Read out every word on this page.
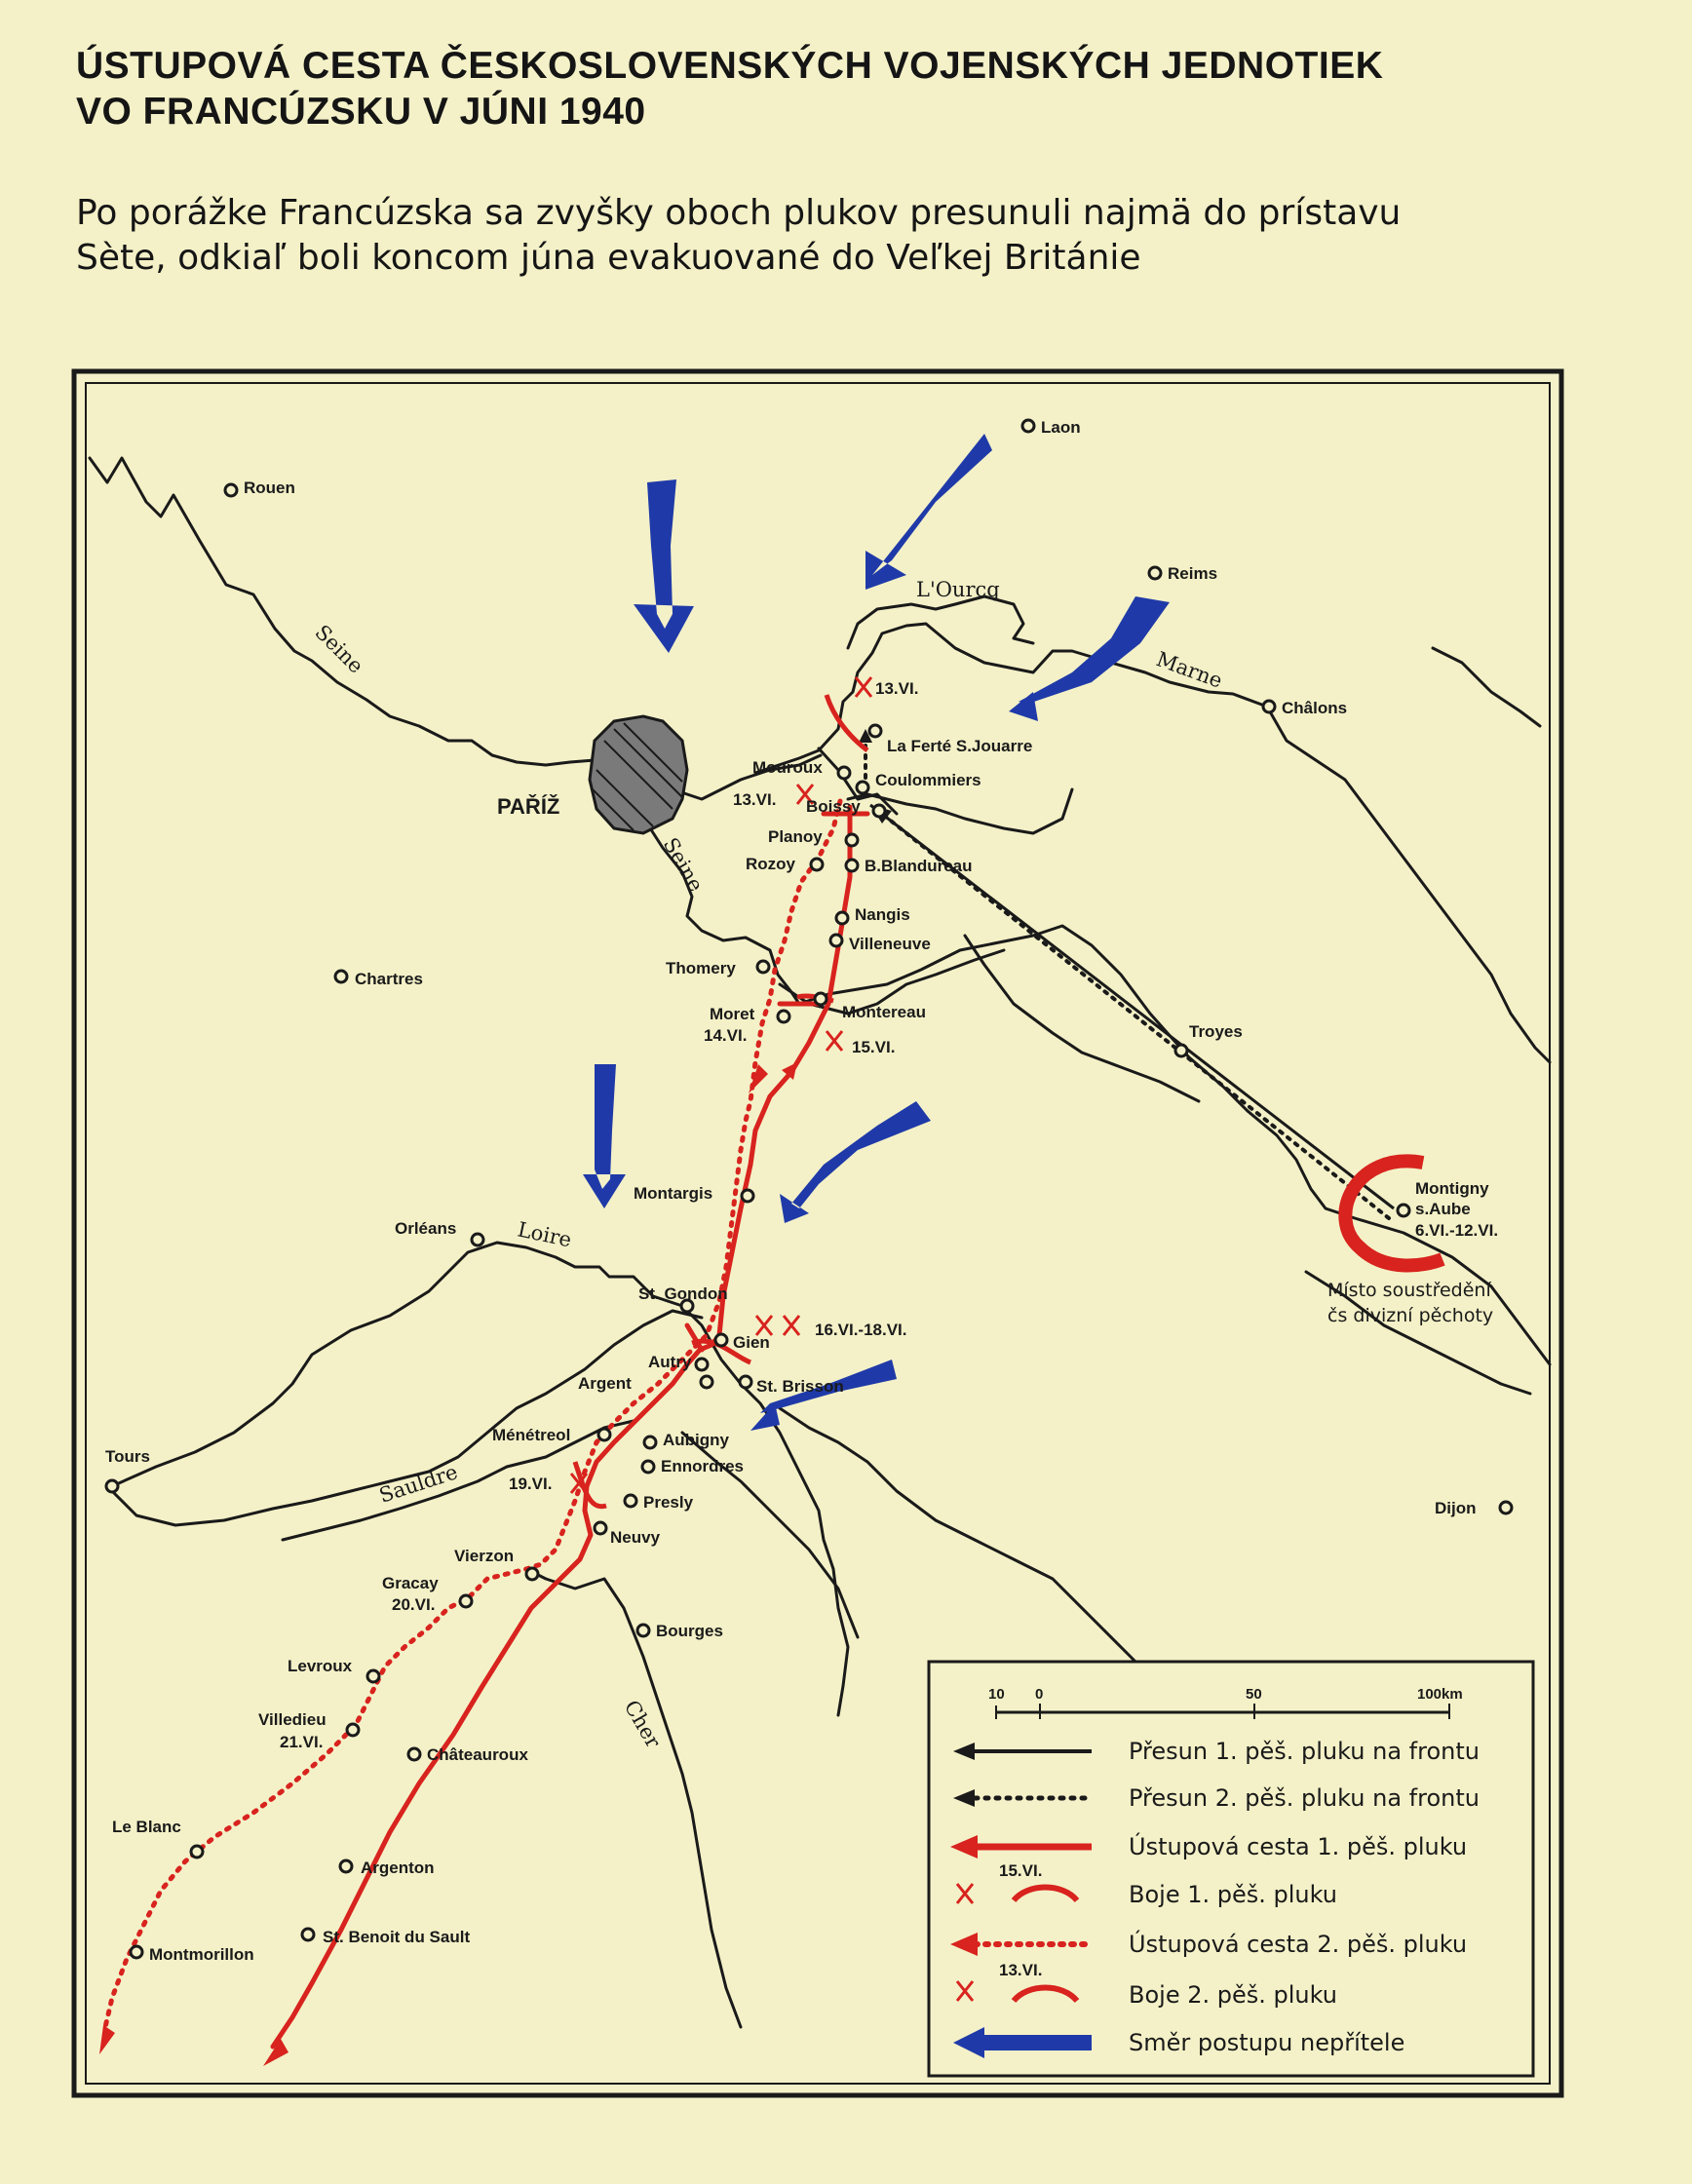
ÚSTUPOVÁ CESTA ČESKOSLOVENSKÝCH VOJENSKÝCH JEDNOTIEK
VO FRANCÚZSKU V JÚNI 1940
Po porážke Francúzska sa zvyšky oboch plukov presunuli najmä do prístavu
Sète, odkiaľ boli koncom júna evakuované do Veľkej Británie
Laon
Rouen
Reims
Châlons
PAŘÍŽ
La Ferté S.Jouarre
Mouroux
Coulommiers
Boissy
Planoy
Rozoy	B.Blandureau
Nangis
Villeneuve
Thomery
Moret	Montereau
Chartres
Troyes
Montigny
s.Aube
Montargis
Orléans
St. Gondon
Gien
Autry
Argent	St. Brisson
Ménétreol	Aubigny
Ennordres
Presly
Neuvy
Tours
Dijon
Vierzon
Gracay
Bourges
Levroux
Villedieu
Châteauroux
Le Blanc
Argenton
St. Benoit du Sault
Montmorillon
13.VI.
13.VI.
14.VI.
15.VI.
16.VI.-18.VI.
19.VI.
20.VI.
21.VI.
6.VI.-12.VI.
Seine
Seine
L'Ourcq
Marne
Loire
Sauldre
Cher
Místo soustředění
čs divizní pěchoty
10 0	50	100km
Přesun 1. pěš. pluku na frontu
Přesun 2. pěš. pluku na frontu
Ústupová cesta 1. pěš. pluku
15.VI.
Boje 1. pěš. pluku
Ústupová cesta 2. pěš. pluku
13.VI.
Boje 2. pěš. pluku
Směr postupu nepřítele
